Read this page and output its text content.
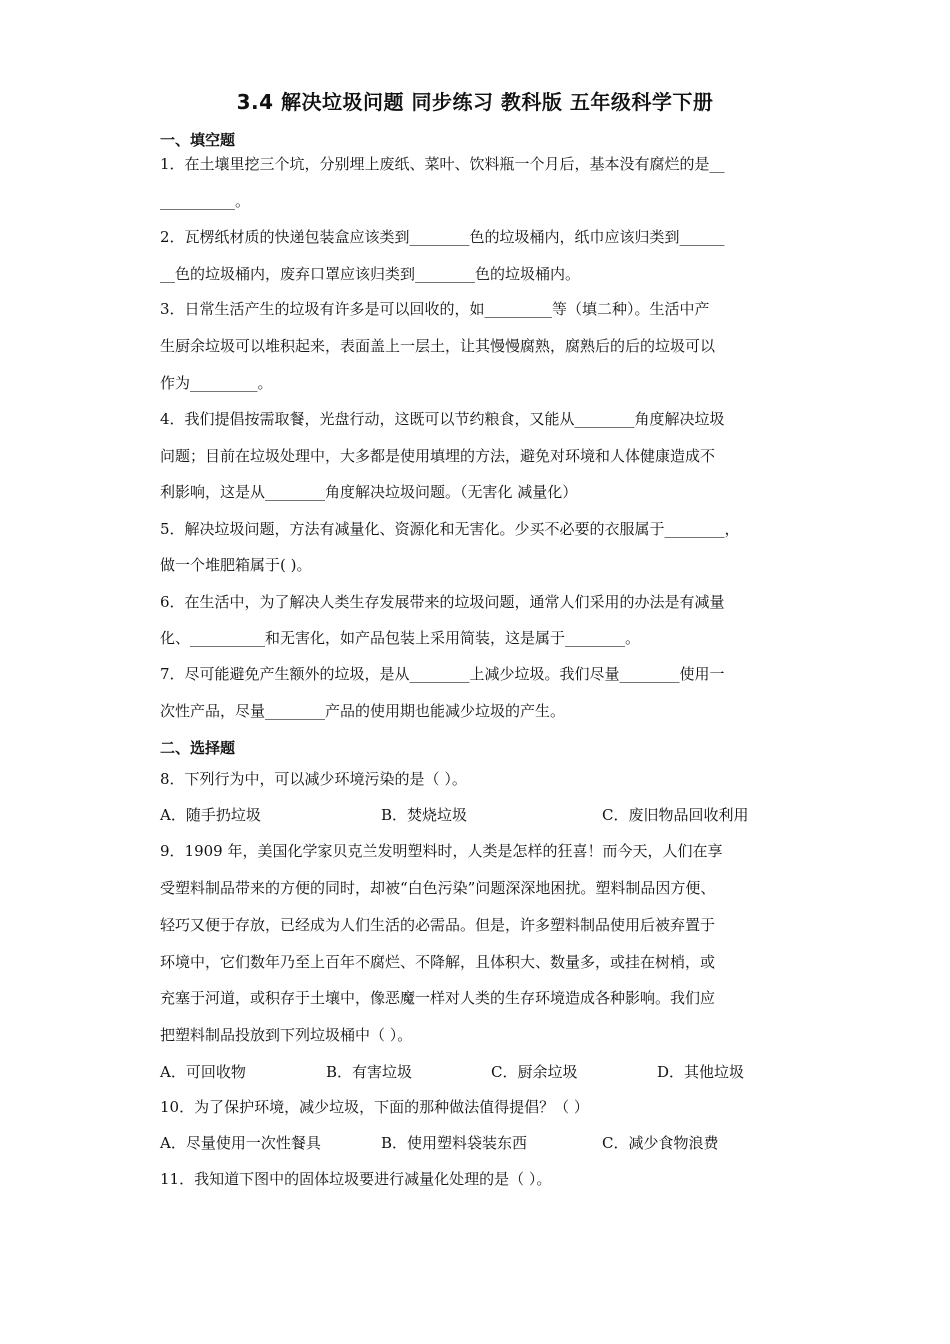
3.4 解决垃圾问题 同步练习 教科版 五年级科学下册
一、填空题
1．在土壤里挖三个坑，分别埋上废纸、菜叶、饮料瓶一个月后，基本没有腐烂的是__
__________。
2．瓦楞纸材质的快递包装盒应该类到________色的垃圾桶内，纸巾应该归类到______
__色的垃圾桶内，废弃口罩应该归类到________色的垃圾桶内。
3．日常生活产生的垃圾有许多是可以回收的，如_________等（填二种）。生活中产
生厨余垃圾可以堆积起来，表面盖上一层土，让其慢慢腐熟，腐熟后的后的垃圾可以
作为_________。
4．我们提倡按需取餐，光盘行动，这既可以节约粮食，又能从________角度解决垃圾
问题；目前在垃圾处理中，大多都是使用填埋的方法，避免对环境和人体健康造成不
利影响，这是从________角度解决垃圾问题。（无害化 减量化）
5．解决垃圾问题，方法有减量化、资源化和无害化。少买不必要的衣服属于________，
做一个堆肥箱属于( )。
6．在生活中，为了解决人类生存发展带来的垃圾问题，通常人们采用的办法是有减量
化、__________和无害化，如产品包装上采用简装，这是属于________。
7．尽可能避免产生额外的垃圾，是从________上减少垃圾。我们尽量________使用一
次性产品，尽量________产品的使用期也能减少垃圾的产生。
二、选择题
8．下列行为中，可以减少环境污染的是（ ）。
A．随手扔垃圾	B．焚烧垃圾	C．废旧物品回收利用
9．1909 年，美国化学家贝克兰发明塑料时，人类是怎样的狂喜！而今天，人们在享
受塑料制品带来的方便的同时，却被“白色污染”问题深深地困扰。塑料制品因方便、
轻巧又便于存放，已经成为人们生活的必需品。但是，许多塑料制品使用后被弃置于
环境中，它们数年乃至上百年不腐烂、不降解，且体积大、数量多，或挂在树梢，或
充塞于河道，或积存于土壤中，像恶魔一样对人类的生存环境造成各种影响。我们应
把塑料制品投放到下列垃圾桶中（ ）。
A．可回收物	B．有害垃圾	C．厨余垃圾	D．其他垃圾
10．为了保护环境，减少垃圾，下面的那种做法值得提倡？（ ）
A．尽量使用一次性餐具	B．使用塑料袋装东西	C．减少食物浪费
11．我知道下图中的固体垃圾要进行减量化处理的是（ ）。
